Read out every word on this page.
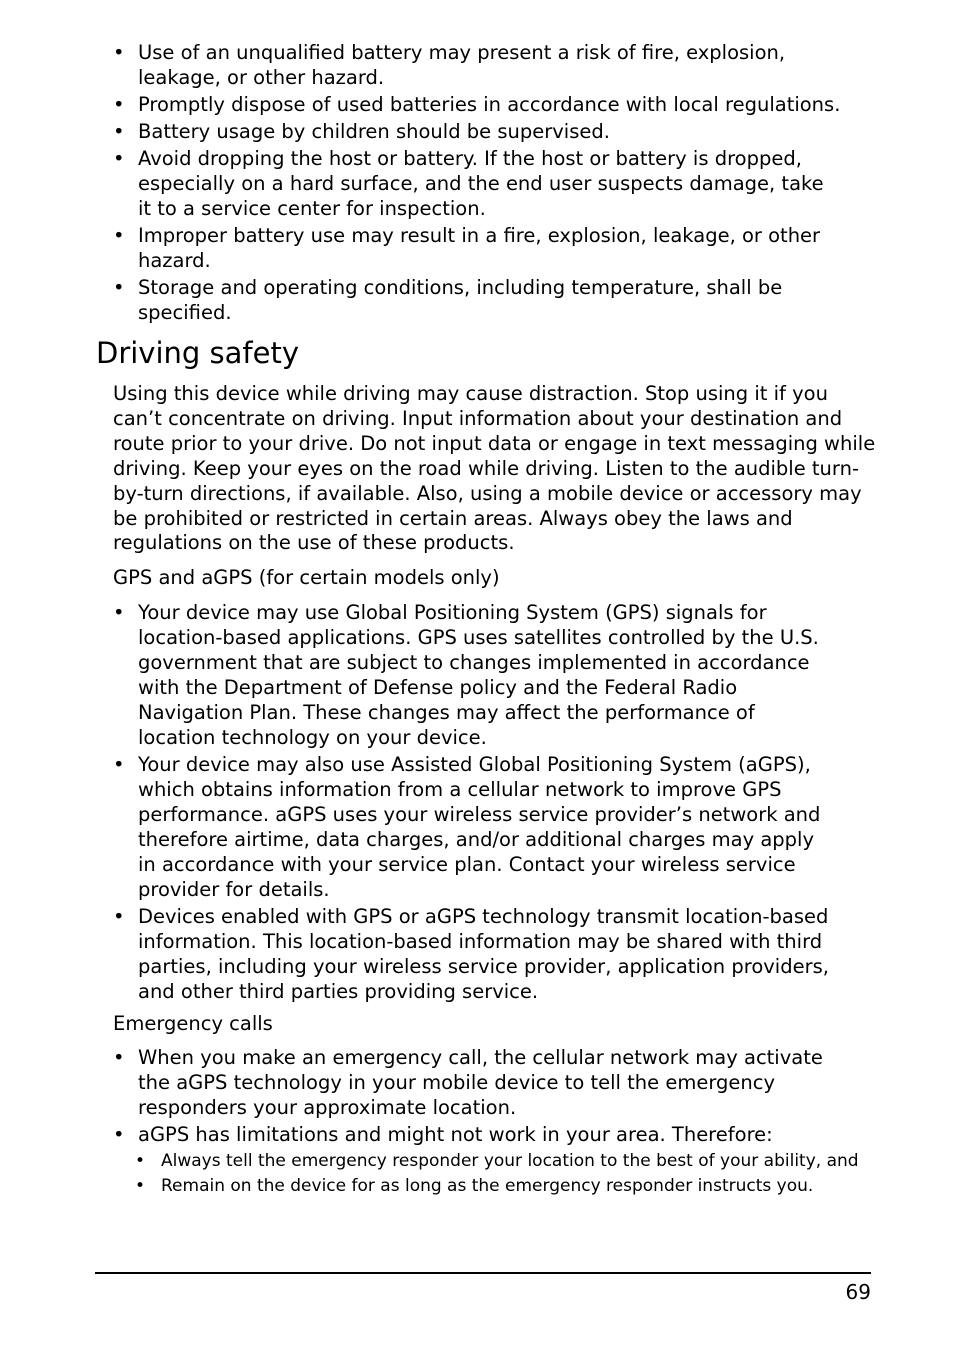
• Use of an unqualified battery may present a risk of fire, explosion, leakage, or other hazard.
• Promptly dispose of used batteries in accordance with local regulations.
• Battery usage by children should be supervised.
• Avoid dropping the host or battery. If the host or battery is dropped, especially on a hard surface, and the end user suspects damage, take it to a service center for inspection.
• Improper battery use may result in a fire, explosion, leakage, or other hazard.
• Storage and operating conditions, including temperature, shall be specified.
Driving safety

Using this device while driving may cause distraction. Stop using it if you can’t concentrate on driving. Input information about your destination and route prior to your drive. Do not input data or engage in text messaging while driving. Keep your eyes on the road while driving. Listen to the audible turn-by-turn directions, if available. Also, using a mobile device or accessory may be prohibited or restricted in certain areas. Always obey the laws and regulations on the use of these products.

GPS and aGPS (for certain models only)

• Your device may use Global Positioning System (GPS) signals for location-based applications. GPS uses satellites controlled by the U.S. government that are subject to changes implemented in accordance with the Department of Defense policy and the Federal Radio Navigation Plan. These changes may affect the performance of location technology on your device.
• Your device may also use Assisted Global Positioning System (aGPS), which obtains information from a cellular network to improve GPS performance. aGPS uses your wireless service provider’s network and therefore airtime, data charges, and/or additional charges may apply in accordance with your service plan. Contact your wireless service provider for details.
• Devices enabled with GPS or aGPS technology transmit location-based information. This location-based information may be shared with third parties, including your wireless service provider, application providers, and other third parties providing service.

Emergency calls

• When you make an emergency call, the cellular network may activate the aGPS technology in your mobile device to tell the emergency responders your approximate location.
• aGPS has limitations and might not work in your area. Therefore:
• Always tell the emergency responder your location to the best of your ability, and
• Remain on the device for as long as the emergency responder instructs you.
69
